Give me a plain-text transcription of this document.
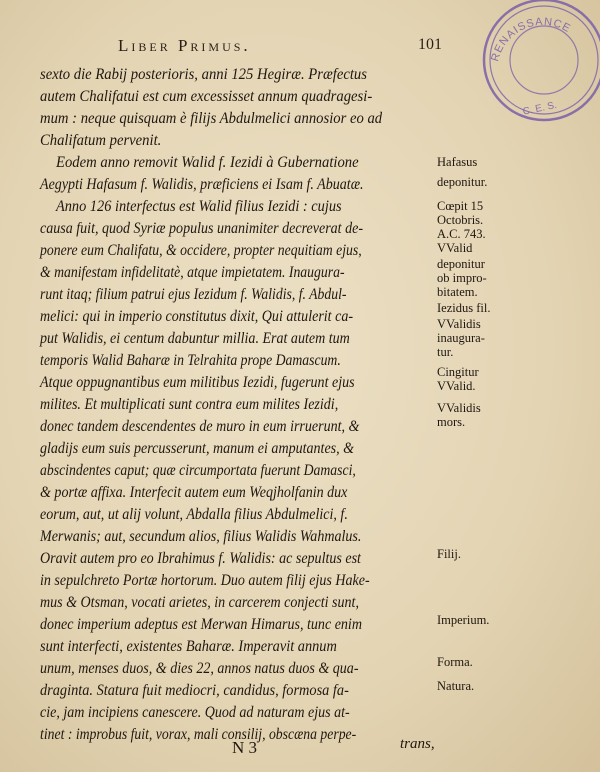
Liber Primus.	101
RENAISSANCE
C. E. S.
sexto die Rabij posterioris, anni 125 Hegiræ. Præfectus
autem Chalifatui est cum excessisset annum quadragesi-
mum : neque quisquam è filijs Abdulmelici annosior eo ad
Chalifatum pervenit.
Eodem anno removit Walid f. Iezidi à Gubernatione
Aegypti Hafasum f. Walidis, præficiens ei Isam f. Abuatæ.
Anno 126 interfectus est Walid filius Iezidi : cujus
causa fuit, quod Syriæ populus unanimiter decreverat de-
ponere eum Chalifatu, & occidere, propter nequitiam ejus,
& manifestam infidelitatè, atque impietatem. Inaugura-
runt itaq; filium patrui ejus Iezidum f. Walidis, f. Abdul-
melici: qui in imperio constitutus dixit, Qui attulerit ca-
put Walidis, ei centum dabuntur millia. Erat autem tum
temporis Walid Baharæ in Telrahita prope Damascum.
Atque oppugnantibus eum militibus Iezidi, fugerunt ejus
milites. Et multiplicati sunt contra eum milites Iezidi,
donec tandem descendentes de muro in eum irruerunt, &
gladijs eum suis percusserunt, manum ei amputantes, &
abscindentes caput; quæ circumportata fuerunt Damasci,
& portæ affixa. Interfecit autem eum Weqjholfanin dux
eorum, aut, ut alij volunt, Abdalla filius Abdulmelici, f.
Merwanis; aut, secundum alios, filius Walidis Wahmalus.
Oravit autem pro eo Ibrahimus f. Walidis: ac sepultus est
in sepulchreto Portæ hortorum. Duo autem filij ejus Hake-
mus & Otsman, vocati arietes, in carcerem conjecti sunt,
donec imperium adeptus est Merwan Himarus, tunc enim
sunt interfecti, existentes Baharæ. Imperavit annum
unum, menses duos, & dies 22, annos natus duos & qua-
draginta. Statura fuit mediocri, candidus, formosa fa-
cie, jam incipiens canescere. Quod ad naturam ejus at-
tinet : improbus fuit, vorax, mali consilij, obscæna perpe-
Hafasus
deponitur.
Cœpit 15
Octobris.
A.C. 743.
VValid
deponitur
ob impro-
bitatem.
Iezidus fil.
VValidis
inaugura-
tur.
Cingitur
VValid.
VValidis
mors.
Filij.
Imperium.
Forma.
Natura.
N 3	trans,
